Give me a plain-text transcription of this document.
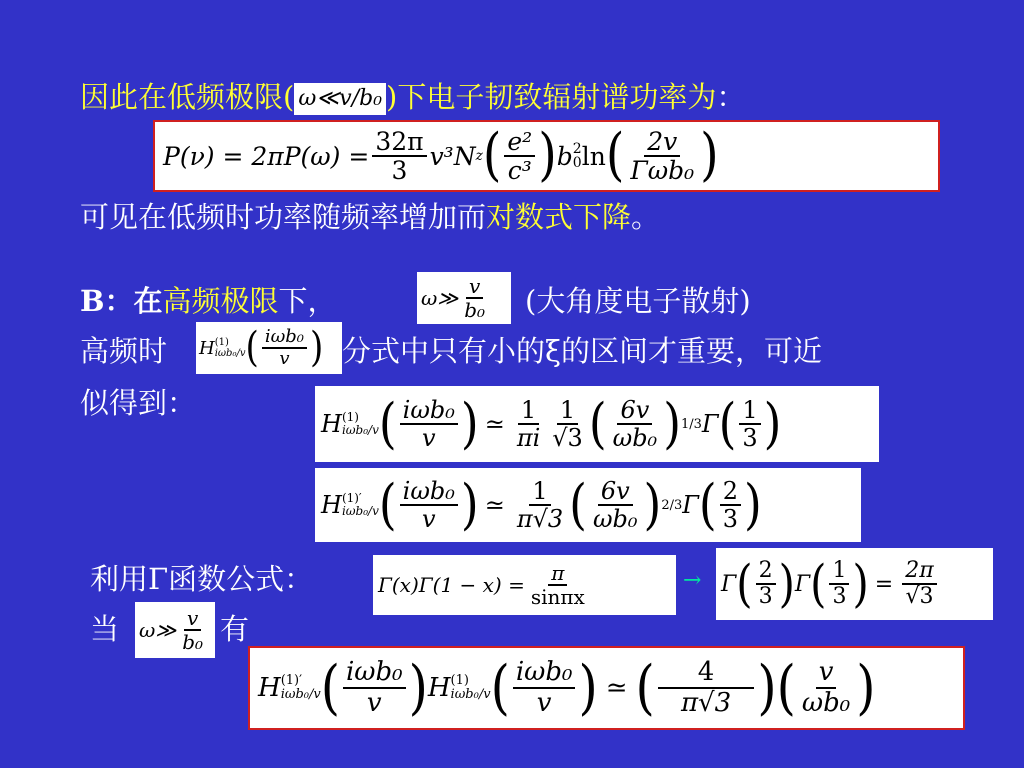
因此在低频极限( ω≪v/b₀ )下电子韧致辐射谱功率为：
$P(\nu) = 2\pi P(\omega) = \frac{32\pi}{3} v^3N$ z ( $\frac{\text{e²}}{\text{c³}}$ ) b 2
0 ln ( $\frac{2v}{\text{Γωb₀}}$ )
可见在低频时功率随频率增加而对数式下降。
B：在高频极限下，	ω≫ $\frac{v}{\text{b₀}}$ (大角度电子散射)
高频时 H (1)
iωb₀/v ( $\frac{\text{iωb₀}}{v}$ ) 分式中只有小的ξ的区间才重要，可近
似得到：
H (1)
iωb₀/v ( $\frac{\text{iωb₀}}{v}$ ) ≃ $\frac{1}{\pi i} \frac{1}{√3}$ ( $\frac{6v}{\text{ωb₀}}$ ) 1/3 Γ ( $\frac{1}{3}$ )
H (1)′
iωb₀/v ( $\frac{\text{iωb₀}}{v}$ ) ≃ $\frac{1}{\pi√3}$ ( $\frac{6v}{\text{ωb₀}}$ ) 2/3 Γ ( $\frac{2}{3}$ )
利用Γ函数公式：	$\Gamma(x)\Gamma(1 - x) = \frac{\pi}{\sin\pi x}$	→ Γ ( $\frac{2}{3}$ ) Γ ( $\frac{1}{3}$ ) = $\frac{2\pi}{√3}$
当 ω≫ $\frac{v}{\text{b₀}}$ 有
H (1)′
iωb₀/v ( $\frac{\text{iωb₀}}{v}$ ) H (1)
iωb₀/v ( $\frac{\text{iωb₀}}{v}$ ) ≃ ( $\frac{4}{\pi√3}$ ) ( $\frac{v}{\text{ωb₀}}$ )
